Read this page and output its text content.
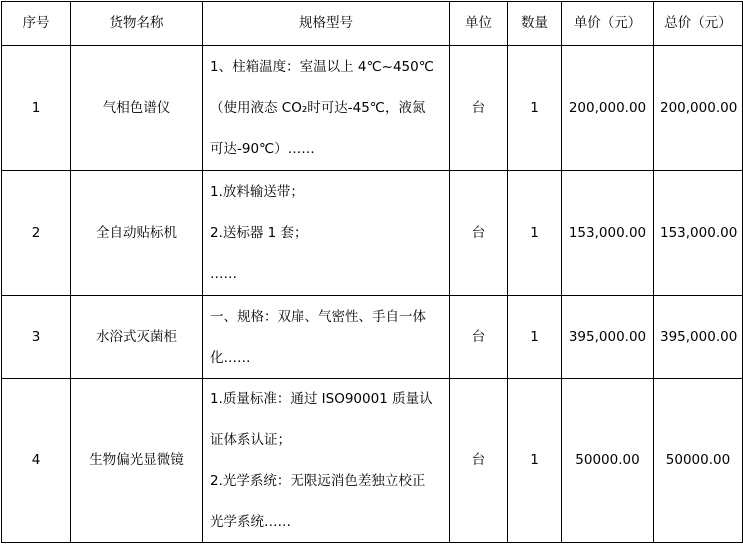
序号	货物名称	规格型号	单位	数量	单价（元）	总价（元）
1	气相色谱仪	1、柱箱温度：室温以上 4℃~450℃
（使用液态 CO₂时可达-45℃，液氮
可达-90℃）……	台	1	200,000.00	200,000.00
2	全自动贴标机	1.放料输送带；
2.送标器 1 套；
……	台	1	153,000.00	153,000.00
3	水浴式灭菌柜	一、规格：双扉、气密性、手自一体
化……	台	1	395,000.00	395,000.00
4	生物偏光显微镜	1.质量标准：通过 ISO90001 质量认
证体系认证；
2.光学系统：无限远消色差独立校正
光学系统……	台	1	50000.00	50000.00
